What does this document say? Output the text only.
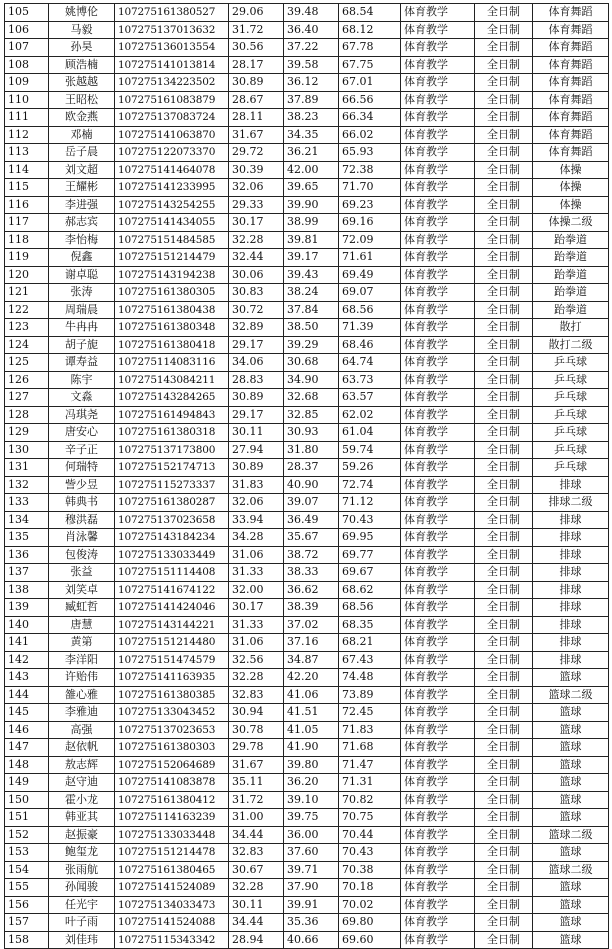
105	姚博伦	107275161380527	29.06	39.48	68.54	体育教学	全日制	体育舞蹈
106	马毅	107275137013632	31.72	36.40	68.12	体育教学	全日制	体育舞蹈
107	孙昊	107275136013554	30.56	37.22	67.78	体育教学	全日制	体育舞蹈
108	顾浩楠	107275141013814	28.17	39.58	67.75	体育教学	全日制	体育舞蹈
109	张越越	107275134223502	30.89	36.12	67.01	体育教学	全日制	体育舞蹈
110	王昭松	107275161083879	28.67	37.89	66.56	体育教学	全日制	体育舞蹈
111	欧金燕	107275137083724	28.11	38.23	66.34	体育教学	全日制	体育舞蹈
112	邓楠	107275141063870	31.67	34.35	66.02	体育教学	全日制	体育舞蹈
113	岳子晨	107275122073370	29.72	36.21	65.93	体育教学	全日制	体育舞蹈
114	刘文超	107275141464078	30.39	42.00	72.38	体育教学	全日制	体操
115	王耀彬	107275141233995	32.06	39.65	71.70	体育教学	全日制	体操
116	李进强	107275143254255	29.33	39.90	69.23	体育教学	全日制	体操
117	郝志宾	107275141434055	30.17	38.99	69.16	体育教学	全日制	体操二级
118	李怡梅	107275151484585	32.28	39.81	72.09	体育教学	全日制	跆拳道
119	倪鑫	107275151214479	32.44	39.17	71.61	体育教学	全日制	跆拳道
120	谢卓聪	107275143194238	30.06	39.43	69.49	体育教学	全日制	跆拳道
121	张涛	107275161380305	30.83	38.24	69.07	体育教学	全日制	跆拳道
122	周瑞晨	107275161380438	30.72	37.84	68.56	体育教学	全日制	跆拳道
123	牛冉冉	107275161380348	32.89	38.50	71.39	体育教学	全日制	散打
124	胡子旎	107275161380418	29.17	39.29	68.46	体育教学	全日制	散打二级
125	谭寿益	107275114083116	34.06	30.68	64.74	体育教学	全日制	乒乓球
126	陈宇	107275143084211	28.83	34.90	63.73	体育教学	全日制	乒乓球
127	文淼	107275143284265	30.89	32.68	63.57	体育教学	全日制	乒乓球
128	冯琪尧	107275161494843	29.17	32.85	62.02	体育教学	全日制	乒乓球
129	唐安心	107275161380318	30.11	30.93	61.04	体育教学	全日制	乒乓球
130	辛子正	107275137173800	27.94	31.80	59.74	体育教学	全日制	乒乓球
131	何瑞特	107275152174713	30.89	28.37	59.26	体育教学	全日制	乒乓球
132	訾少昱	107275115273337	31.83	40.90	72.74	体育教学	全日制	排球
133	韩典书	107275161380287	32.06	39.07	71.12	体育教学	全日制	排球二级
134	穆洪磊	107275137023658	33.94	36.49	70.43	体育教学	全日制	排球
135	肖泳馨	107275143184234	34.28	35.67	69.95	体育教学	全日制	排球
136	包俊涛	107275133033449	31.06	38.72	69.77	体育教学	全日制	排球
137	张益	107275151114408	31.33	38.33	69.67	体育教学	全日制	排球
138	刘笑卓	107275141674122	32.00	36.62	68.62	体育教学	全日制	排球
139	臧虹哲	107275141424046	30.17	38.39	68.56	体育教学	全日制	排球
140	唐慧	107275143144221	31.33	37.02	68.35	体育教学	全日制	排球
141	黄第	107275151214480	31.06	37.16	68.21	体育教学	全日制	排球
142	李洋阳	107275151474579	32.56	34.87	67.43	体育教学	全日制	排球
143	许贻伟	107275141163935	32.28	42.20	74.48	体育教学	全日制	篮球
144	雒心雅	107275161380385	32.83	41.06	73.89	体育教学	全日制	篮球二级
145	李雅迪	107275133043452	30.94	41.51	72.45	体育教学	全日制	篮球
146	高强	107275137023653	30.78	41.05	71.83	体育教学	全日制	篮球
147	赵依帆	107275161380303	29.78	41.90	71.68	体育教学	全日制	篮球
148	敖志辉	107275152064689	31.67	39.80	71.47	体育教学	全日制	篮球
149	赵守迪	107275141083878	35.11	36.20	71.31	体育教学	全日制	篮球
150	霍小龙	107275161380412	31.72	39.10	70.82	体育教学	全日制	篮球
151	韩亚其	107275114163239	31.00	39.75	70.75	体育教学	全日制	篮球
152	赵振豪	107275133033448	34.44	36.00	70.44	体育教学	全日制	篮球二级
153	鲍玺龙	107275151214478	32.83	37.60	70.43	体育教学	全日制	篮球
154	张雨航	107275161380465	30.67	39.71	70.38	体育教学	全日制	篮球二级
155	孙闻骏	107275141524089	32.28	37.90	70.18	体育教学	全日制	篮球
156	任光宇	107275134033473	30.11	39.91	70.02	体育教学	全日制	篮球
157	叶子雨	107275141524088	34.44	35.36	69.80	体育教学	全日制	篮球
158	刘佳玮	107275115343342	28.94	40.66	69.60	体育教学	全日制	篮球
